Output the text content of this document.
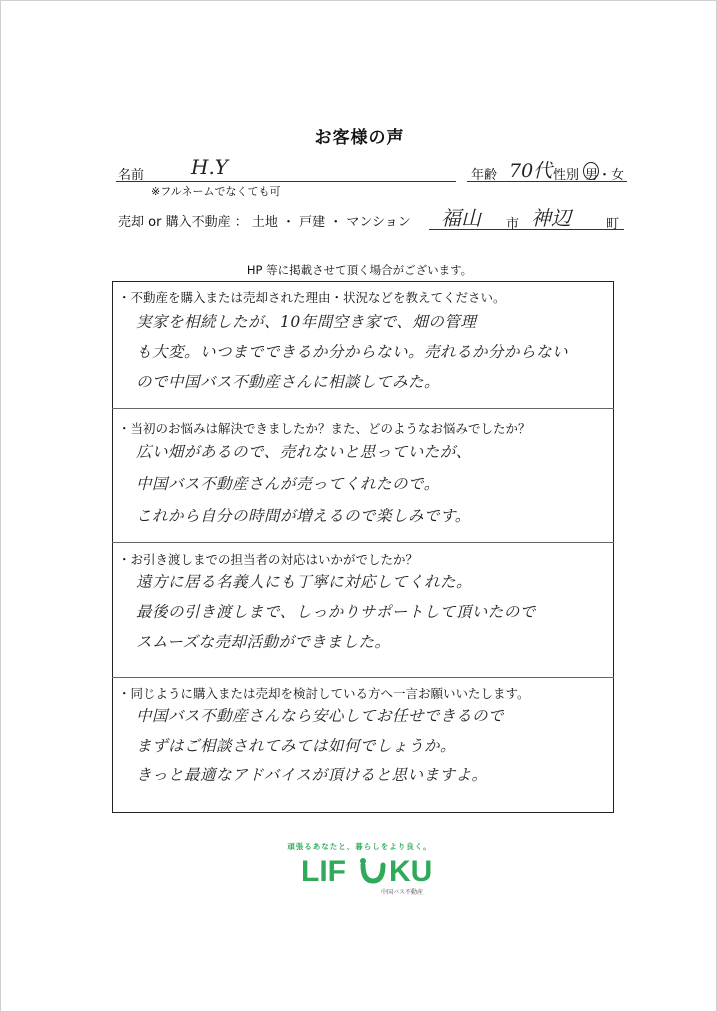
お客様の声
名前 H.Y
※フルネームでなくても可
年齢 70代 性別 男・女
売却 or 購入不動産 ： 土地 ・ 戸建 ・ マンション 福山 市 神辺	町
HP 等に掲載させて頂く場合がございます。
・不動産を購入または売却された理由・状況などを教えてください。
実家を相続したが、10年間空き家で、畑の管理
も大変。いつまでできるか分からない。売れるか分からない
ので中国バス不動産さんに相談してみた。
・当初のお悩みは解決できましたか？また、どのようなお悩みでしたか？
広い畑があるので、売れないと思っていたが、
中国バス不動産さんが売ってくれたので。
これから自分の時間が増えるので楽しみです。
・お引き渡しまでの担当者の対応はいかがでしたか？
遠方に居る名義人にも丁寧に対応してくれた。
最後の引き渡しまで、しっかりサポートして頂いたので
スムーズな売却活動ができました。
・同じように購入または売却を検討している方へ一言お願いいたします。
中国バス不動産さんなら安心してお任せできるので
まずはご相談されてみては如何でしょうか。
きっと最適なアドバイスが頂けると思いますよ。
頑張るあなたと、暮らしをより良く。
LIF KU
中国バス不動産
